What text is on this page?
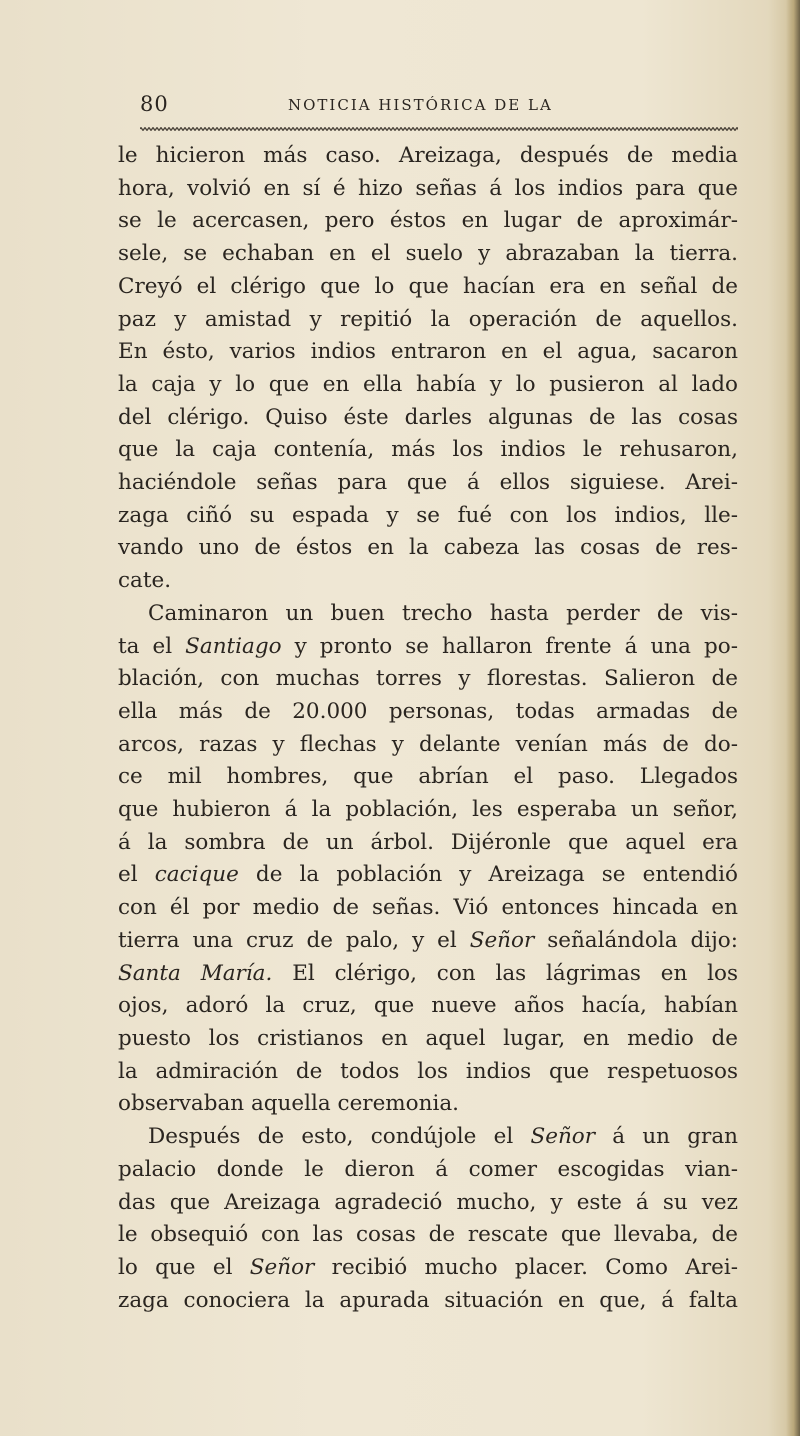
80	NOTICIA HISTÓRICA DE LA
le hicieron más caso. Areizaga, después de media
hora, volvió en sí é hizo señas á los indios para que
se le acercasen, pero éstos en lugar de aproximár-
sele, se echaban en el suelo y abrazaban la tierra.
Creyó el clérigo que lo que hacían era en señal de
paz y amistad y repitió la operación de aquellos.
En ésto, varios indios entraron en el agua, sacaron
la caja y lo que en ella había y lo pusieron al lado
del clérigo. Quiso éste darles algunas de las cosas
que la caja contenía, más los indios le rehusaron,
haciéndole señas para que á ellos siguiese. Arei-
zaga ciñó su espada y se fué con los indios, lle-
vando uno de éstos en la cabeza las cosas de res-
cate.
Caminaron un buen trecho hasta perder de vis-
ta el Santiago y pronto se hallaron frente á una po-
blación, con muchas torres y florestas. Salieron de
ella más de 20.000 personas, todas armadas de
arcos, razas y flechas y delante venían más de do-
ce mil hombres, que abrían el paso. Llegados
que hubieron á la población, les esperaba un señor,
á la sombra de un árbol. Dijéronle que aquel era
el cacique de la población y Areizaga se entendió
con él por medio de señas. Vió entonces hincada en
tierra una cruz de palo, y el Señor señalándola dijo:
Santa María. El clérigo, con las lágrimas en los
ojos, adoró la cruz, que nueve años hacía, habían
puesto los cristianos en aquel lugar, en medio de
la admiración de todos los indios que respetuosos
observaban aquella ceremonia.
Después de esto, condújole el Señor á un gran
palacio donde le dieron á comer escogidas vian-
das que Areizaga agradeció mucho, y este á su vez
le obsequió con las cosas de rescate que llevaba, de
lo que el Señor recibió mucho placer. Como Arei-
zaga conociera la apurada situación en que, á falta
